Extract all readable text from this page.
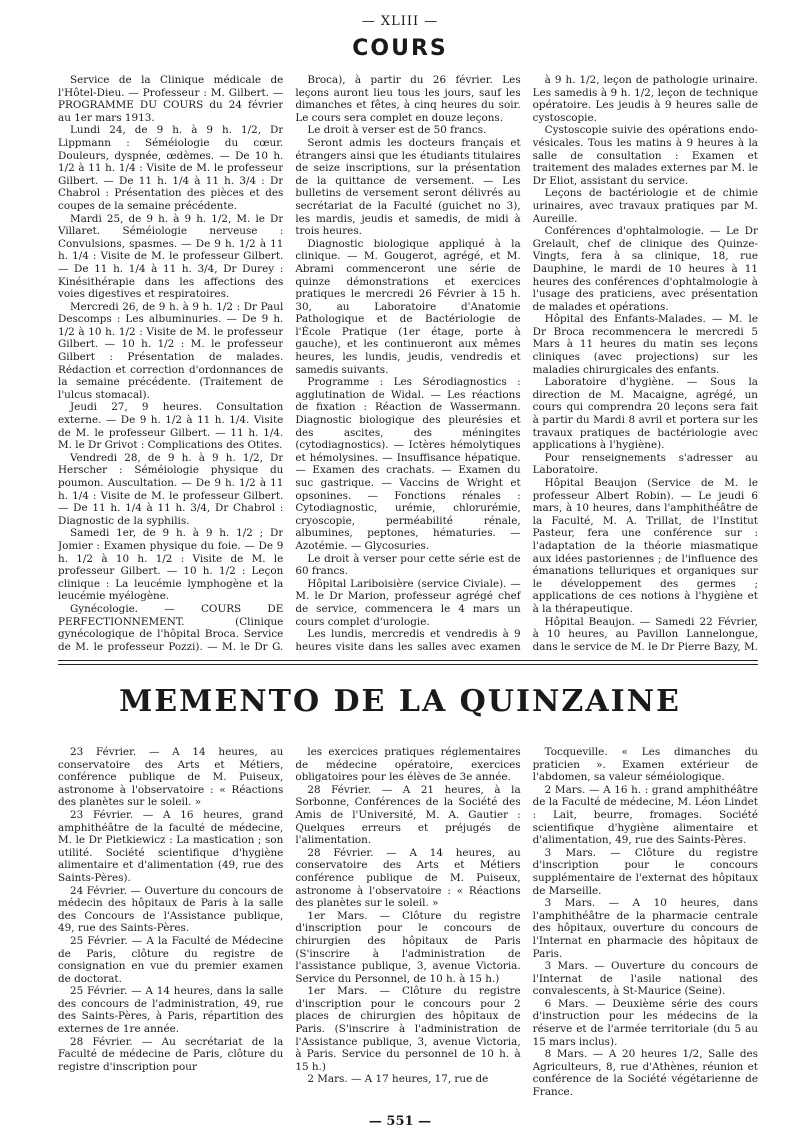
— XLIII —
COURS

Service de la Clinique médicale de l'Hôtel-Dieu. — Professeur : M. Gilbert. — PROGRAMME DU COURS du 24 février au 1er mars 1913.

Lundi 24, de 9 h. à 9 h. 1/2, Dr Lippmann : Séméiologie du cœur. Douleurs, dyspnée, œdèmes. — De 10 h. 1/2 à 11 h. 1/4 : Visite de M. le professeur Gilbert. — De 11 h. 1/4 à 11 h. 3/4 : Dr Chabrol : Présentation des pièces et des coupes de la semaine précédente.

Mardi 25, de 9 h. à 9 h. 1/2, M. le Dr Villaret. Séméiologie nerveuse : Convulsions, spasmes. — De 9 h. 1/2 à 11 h. 1/4 : Visite de M. le professeur Gilbert. — De 11 h. 1/4 à 11 h. 3/4, Dr Durey : Kinésithérapie dans les affections des voies digestives et respiratoires.

Mercredi 26, de 9 h. à 9 h. 1/2 : Dr Paul Descomps : Les albuminuries. — De 9 h. 1/2 à 10 h. 1/2 : Visite de M. le professeur Gilbert. — 10 h. 1/2 : M. le professeur Gilbert : Présentation de malades. Rédaction et correction d'ordonnances de la semaine précédente. (Traitement de l'ulcus stomacal).

Jeudi 27, 9 heures. Consultation externe. — De 9 h. 1/2 à 11 h. 1/4. Visite de M. le professeur Gilbert. — 11 h. 1/4. M. le Dr Grivot : Complications des Otites.

Vendredi 28, de 9 h. à 9 h. 1/2, Dr Herscher : Séméiologie physique du poumon. Auscultation. — De 9 h. 1/2 à 11 h. 1/4 : Visite de M. le professeur Gilbert. — De 11 h. 1/4 à 11 h. 3/4, Dr Chabrol : Diagnostic de la syphilis.

Samedi 1er, de 9 h. à 9 h. 1/2 ; Dr Jomier : Examen physique du foie. — De 9 h. 1/2 à 10 h. 1/2 : Visite de M. le professeur Gilbert. — 10 h. 1/2 : Leçon clinique : La leucémie lymphogène et la leucémie myélogène.

Gynécologie. — COURS DE PERFECTIONNEMENT. (Clinique gynécologique de l'hôpital Broca. Service de M. le professeur Pozzi). — M. le Dr G.

Broca), à partir du 26 février. Les leçons auront lieu tous les jours, sauf les dimanches et fêtes, à cinq heures du soir. Le cours sera complet en douze leçons.

Le droit à verser est de 50 francs.

Seront admis les docteurs français et étrangers ainsi que les étudiants titulaires de seize inscriptions, sur la présentation de la quittance de versement. — Les bulletins de versement seront délivrés au secrétariat de la Faculté (guichet no 3), les mardis, jeudis et samedis, de midi à trois heures.

Diagnostic biologique appliqué à la clinique. — M. Gougerot, agrégé, et M. Abrami commenceront une série de quinze démonstrations et exercices pratiques le mercredi 26 Février à 15 h. 30, au Laboratoire d'Anatomie Pathologique et de Bactériologie de l'École Pratique (1er étage, porte à gauche), et les continueront aux mêmes heures, les lundis, jeudis, vendredis et samedis suivants.

Programme : Les Sérodiagnostics : agglutination de Widal. — Les réactions de fixation : Réaction de Wassermann. Diagnostic biologique des pleurésies et des ascites, des méningites (cytodiagnostics). — Ictères hémolytiques et hémolysines. — Insuffisance hépatique. — Examen des crachats. — Examen du suc gastrique. — Vaccins de Wright et opsonines. — Fonctions rénales : Cytodiagnostic, urémie, chlorurémie, cryoscopie, perméabilité rénale, albumines, peptones, hématuries. — Azotémie. — Glycosuries.

Le droit à verser pour cette série est de 60 francs.

Hôpital Lariboisière (service Civiale). — M. le Dr Marion, professeur agrégé chef de service, commencera le 4 mars un cours complet d'urologie.

Les lundis, mercredis et vendredis à 9 heures visite dans les salles avec examen

à 9 h. 1/2, leçon de pathologie urinaire. Les samedis à 9 h. 1/2, leçon de technique opératoire. Les jeudis à 9 heures salle de cystoscopie.

Cystoscopie suivie des opérations endo-vésicales. Tous les matins à 9 heures à la salle de consultation : Examen et traitement des malades externes par M. le Dr Eliot, assistant du service.

Leçons de bactériologie et de chimie urinaires, avec travaux pratiques par M. Aureille.

Conférences d'ophtalmologie. — Le Dr Grelault, chef de clinique des Quinze-Vingts, fera à sa clinique, 18, rue Dauphine, le mardi de 10 heures à 11 heures des conférences d'ophtalmologie à l'usage des praticiens, avec présentation de malades et opérations.

Hôpital des Enfants-Malades. — M. le Dr Broca recommencera le mercredi 5 Mars à 11 heures du matin ses leçons cliniques (avec projections) sur les maladies chirurgicales des enfants.

Laboratoire d'hygiène. — Sous la direction de M. Macaigne, agrégé, un cours qui comprendra 20 leçons sera fait à partir du Mardi 8 avril et portera sur les travaux pratiques de bactériologie avec applications à l'hygiène).

Pour renseignements s'adresser au Laboratoire.

Hôpital Beaujon (Service de M. le professeur Albert Robin). — Le jeudi 6 mars, à 10 heures, dans l'amphithéâtre de la Faculté, M. A. Trillat, de l'Institut Pasteur, fera une conférence sur : l'adaptation de la théorie miasmatique aux idées pastoriennes ; de l'influence des émanations telluriques et organiques sur le développement des germes ; applications de ces notions à l'hygiène et à la thérapeutique.

Hôpital Beaujon. — Samedi 22 Février, à 10 heures, au Pavillon Lannelongue, dans le service de M. le Dr Pierre Bazy, M.

MEMENTO DE LA QUINZAINE

23 Février. — A 14 heures, au conservatoire des Arts et Métiers, conférence publique de M. Puiseux, astronome à l'observatoire : « Réactions des planètes sur le soleil. »

23 Février. — A 16 heures, grand amphithéâtre de la faculté de médecine, M. le Dr Pietkiewicz : La mastication ; son utilité. Société scientifique d'hygiène alimentaire et d'alimentation (49, rue des Saints-Pères).

24 Février. — Ouverture du concours de médecin des hôpitaux de Paris à la salle des Concours de l'Assistance publique, 49, rue des Saints-Pères.

25 Février. — A la Faculté de Médecine de Paris, clôture du registre de consignation en vue du premier examen de doctorat.

25 Février. — A 14 heures, dans la salle des concours de l'administration, 49, rue des Saints-Pères, à Paris, répartition des externes de 1re année.

28 Février. — Au secrétariat de la Faculté de médecine de Paris, clôture du registre d'inscription pour

les exercices pratiques réglementaires de médecine opératoire, exercices obligatoires pour les élèves de 3e année.

28 Février. — A 21 heures, à la Sorbonne, Conférences de la Société des Amis de l'Université, M. A. Gautier : Quelques erreurs et préjugés de l'alimentation.

28 Février. — A 14 heures, au conservatoire des Arts et Métiers conférence publique de M. Puiseux, astronome à l'observatoire : « Réactions des planètes sur le soleil. »

1er Mars. — Clôture du registre d'inscription pour le concours de chirurgien des hôpitaux de Paris (S'inscrire à l'administration de l'assistance publique, 3, avenue Victoria. Service du Personnel, de 10 h. à 15 h.)

1er Mars. — Clôture du registre d'inscription pour le concours pour 2 places de chirurgien des hôpitaux de Paris. (S'inscrire à l'administration de l'Assistance publique, 3, avenue Victoria, à Paris. Service du personnel de 10 h. à 15 h.)

2 Mars. — A 17 heures, 17, rue de

Tocqueville. « Les dimanches du praticien ». Examen extérieur de l'abdomen, sa valeur séméiologique.

2 Mars. — A 16 h. : grand amphithéâtre de la Faculté de médecine, M. Léon Lindet : Lait, beurre, fromages. Société scientifique d'hygiène alimentaire et d'alimentation, 49, rue des Saints-Pères.

3 Mars. — Clôture du registre d'inscription pour le concours supplémentaire de l'externat des hôpitaux de Marseille.

3 Mars. — A 10 heures, dans l'amphithéâtre de la pharmacie centrale des hôpitaux, ouverture du concours de l'Internat en pharmacie des hôpitaux de Paris.

3 Mars. — Ouverture du concours de l'Internat de l'asile national des convalescents, à St-Maurice (Seine).

6 Mars. — Deuxième série des cours d'instruction pour les médecins de la réserve et de l'armée territoriale (du 5 au 15 mars inclus).

8 Mars. — A 20 heures 1/2, Salle des Agriculteurs, 8, rue d'Athènes, réunion et conférence de la Société végétarienne de France.

— 551 —
